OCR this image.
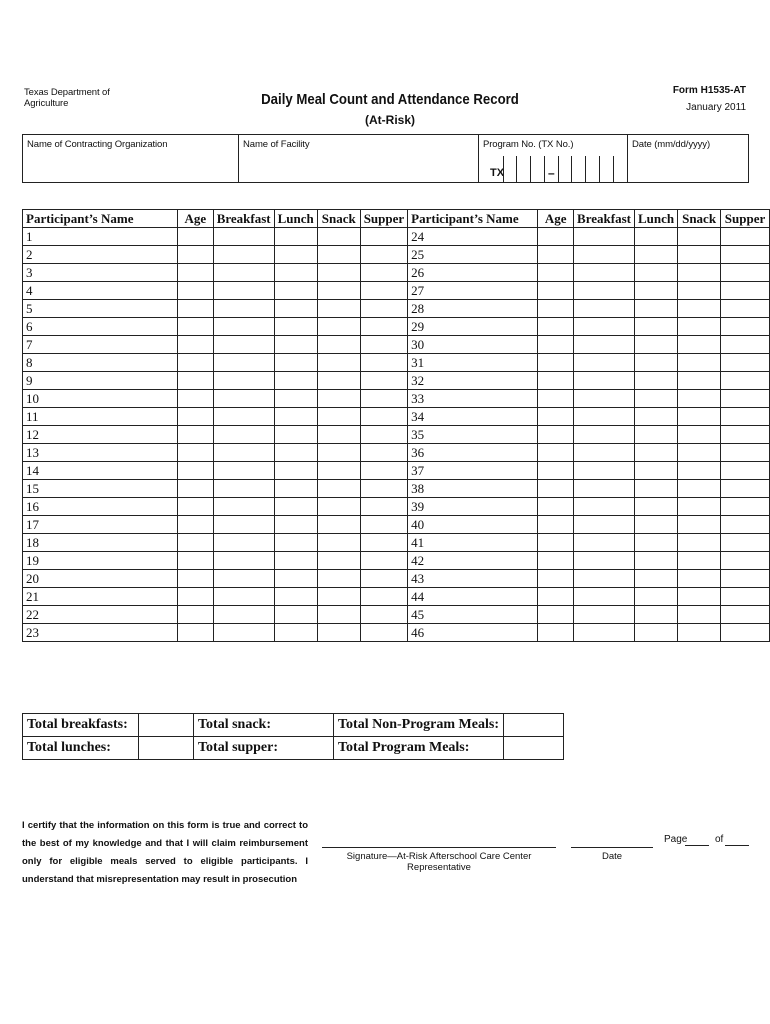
Texas Department of
Agriculture	Daily Meal Count and Attendance Record
(At-Risk)
Form H1535-AT
January 2011
Name of Contracting Organization	Name of Facility	Program No. (TX No.)	Date (mm/dd/yyyy)
TX	–
Participant’s Name	Age	Breakfast	Lunch	Snack	Supper	Participant’s Name	Age	Breakfast	Lunch	Snack	Supper
1						24					
2						25					
3						26					
4						27					
5						28					
6						29					
7						30					
8						31					
9						32					
10						33					
11						34					
12						35					
13						36					
14						37					
15						38					
16						39					
17						40					
18						41					
19						42					
20						43					
21						44					
22						45					
23						46					
Total breakfasts:		Total snack:	Total Non-Program Meals:	
Total lunches:		Total supper:	Total Program Meals:	
I certify that the information on this form is true and correct to the best of my knowledge and that I will claim reimbursement only for eligible meals served to eligible participants. I understand that misrepresentation may result in prosecution
Signature—At-Risk Afterschool Care Center Representative
Date
Page	of
